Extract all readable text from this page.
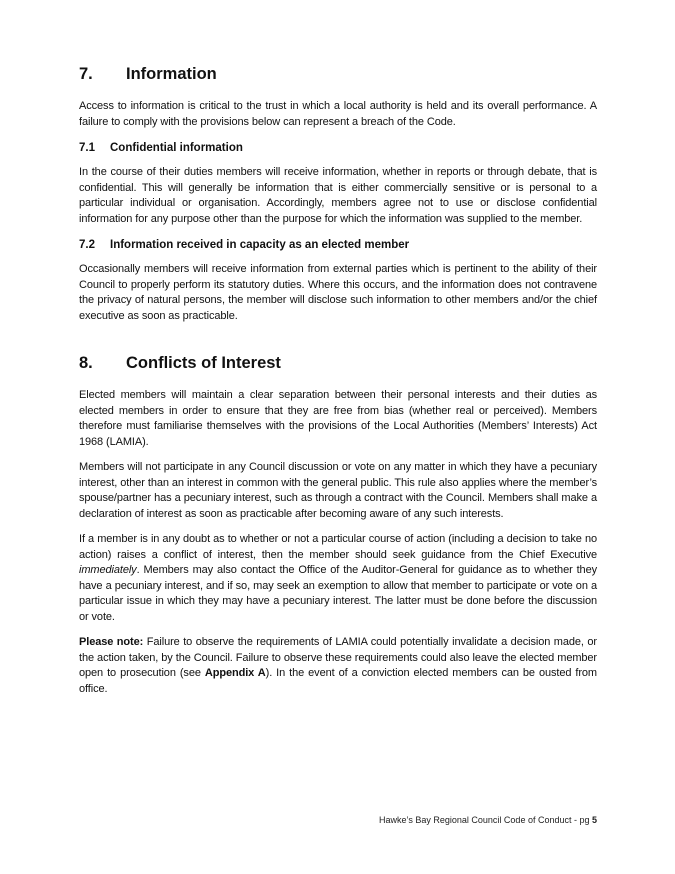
7.	Information

Access to information is critical to the trust in which a local authority is held and its overall performance. A failure to comply with the provisions below can represent a breach of the Code.

7.1	Confidential information

In the course of their duties members will receive information, whether in reports or through debate, that is confidential. This will generally be information that is either commercially sensitive or is personal to a particular individual or organisation. Accordingly, members agree not to use or disclose confidential information for any purpose other than the purpose for which the information was supplied to the member.

7.2	Information received in capacity as an elected member

Occasionally members will receive information from external parties which is pertinent to the ability of their Council to properly perform its statutory duties. Where this occurs, and the information does not contravene the privacy of natural persons, the member will disclose such information to other members and/or the chief executive as soon as practicable.

8.	Conflicts of Interest

Elected members will maintain a clear separation between their personal interests and their duties as elected members in order to ensure that they are free from bias (whether real or perceived). Members therefore must familiarise themselves with the provisions of the Local Authorities (Members’ Interests) Act 1968 (LAMIA).

Members will not participate in any Council discussion or vote on any matter in which they have a pecuniary interest, other than an interest in common with the general public. This rule also applies where the member’s spouse/partner has a pecuniary interest, such as through a contract with the Council. Members shall make a declaration of interest as soon as practicable after becoming aware of any such interests.

If a member is in any doubt as to whether or not a particular course of action (including a decision to take no action) raises a conflict of interest, then the member should seek guidance from the Chief Executive immediately. Members may also contact the Office of the Auditor-General for guidance as to whether they have a pecuniary interest, and if so, may seek an exemption to allow that member to participate or vote on a particular issue in which they may have a pecuniary interest. The latter must be done before the discussion or vote.

Please note: Failure to observe the requirements of LAMIA could potentially invalidate a decision made, or the action taken, by the Council. Failure to observe these requirements could also leave the elected member open to prosecution (see Appendix A). In the event of a conviction elected members can be ousted from office.

Hawke’s Bay Regional Council Code of Conduct - pg 5
